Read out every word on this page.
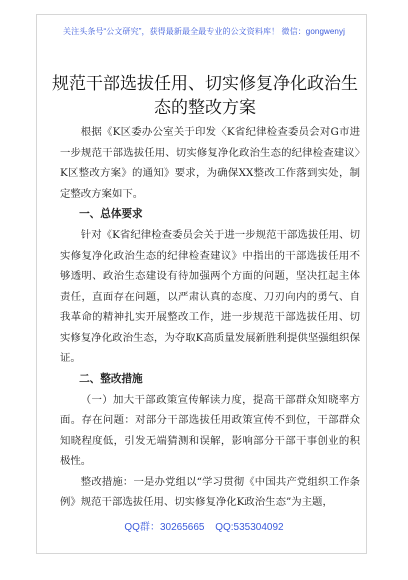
关注头条号“公文研究”，获得最新最全最专业的公文资料库！ 微信：gongwenyj
规范干部选拔任用、切实修复净化政治生态的整改方案

根据《K区委办公室关于印发〈K省纪律检查委员会对G市进一步规范干部选拔任用、切实修复净化政治生态的纪律检查建议〉K区整改方案》的通知》要求，为确保XX整改工作落到实处，制定整改方案如下。

一、总体要求

针对《K省纪律检查委员会关于进一步规范干部选拔任用、切实修复净化政治生态的纪律检查建议》中指出的干部选拔任用不够透明、政治生态建设有待加强两个方面的问题，坚决扛起主体责任，直面存在问题，以严肃认真的态度、刀刃向内的勇气、自我革命的精神扎实开展整改工作，进一步规范干部选拔任用、切实修复净化政治生态，为夺取K高质量发展新胜利提供坚强组织保证。

二、整改措施

（一）加大干部政策宣传解读力度，提高干部群众知晓率方面。存在问题：对部分干部选拔任用政策宣传不到位，干部群众知晓程度低，引发无端猜测和误解，影响部分干部干事创业的积极性。

整改措施：一是办党组以“学习贯彻《中国共产党组织工作条例》规范干部选拔任用、切实修复净化K政治生态”为主题，

QQ群：30265665 QQ:535304092
